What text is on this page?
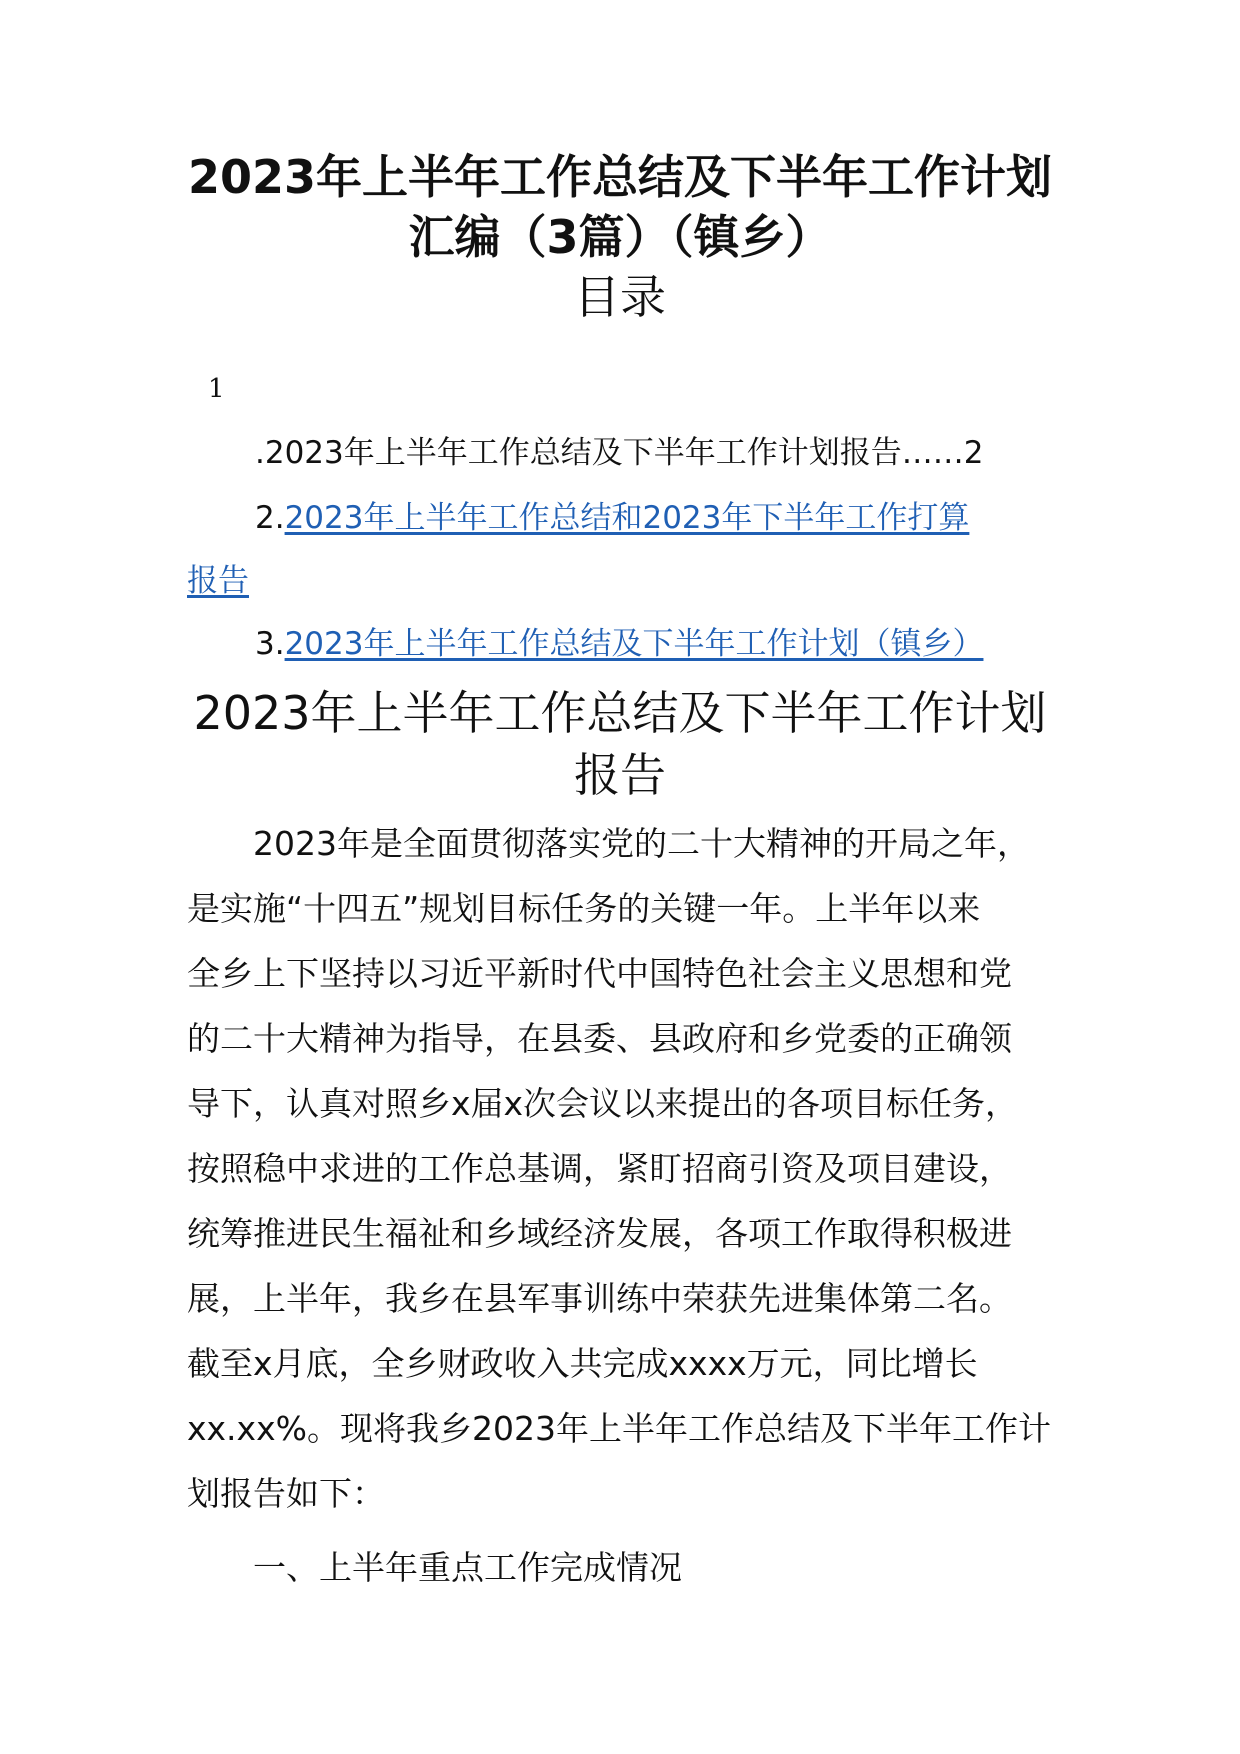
2023年上半年工作总结及下半年工作计划
汇编（3篇）（镇乡）
目录
1
.2023年上半年工作总结及下半年工作计划报告……2
2.2023年上半年工作总结和2023年下半年工作打算
报告
3.2023年上半年工作总结及下半年工作计划（镇乡）
2023年上半年工作总结及下半年工作计划
报告
2023年是全面贯彻落实党的二十大精神的开局之年，
是实施“十四五”规划目标任务的关键一年。上半年以来
全乡上下坚持以习近平新时代中国特色社会主义思想和党
的二十大精神为指导，在县委、县政府和乡党委的正确领
导下，认真对照乡x届x次会议以来提出的各项目标任务，
按照稳中求进的工作总基调，紧盯招商引资及项目建设，
统筹推进民生福祉和乡域经济发展，各项工作取得积极进
展，上半年，我乡在县军事训练中荣获先进集体第二名。
截至x月底，全乡财政收入共完成xxxx万元，同比增长
xx.xx%。现将我乡2023年上半年工作总结及下半年工作计
划报告如下：
一、上半年重点工作完成情况
